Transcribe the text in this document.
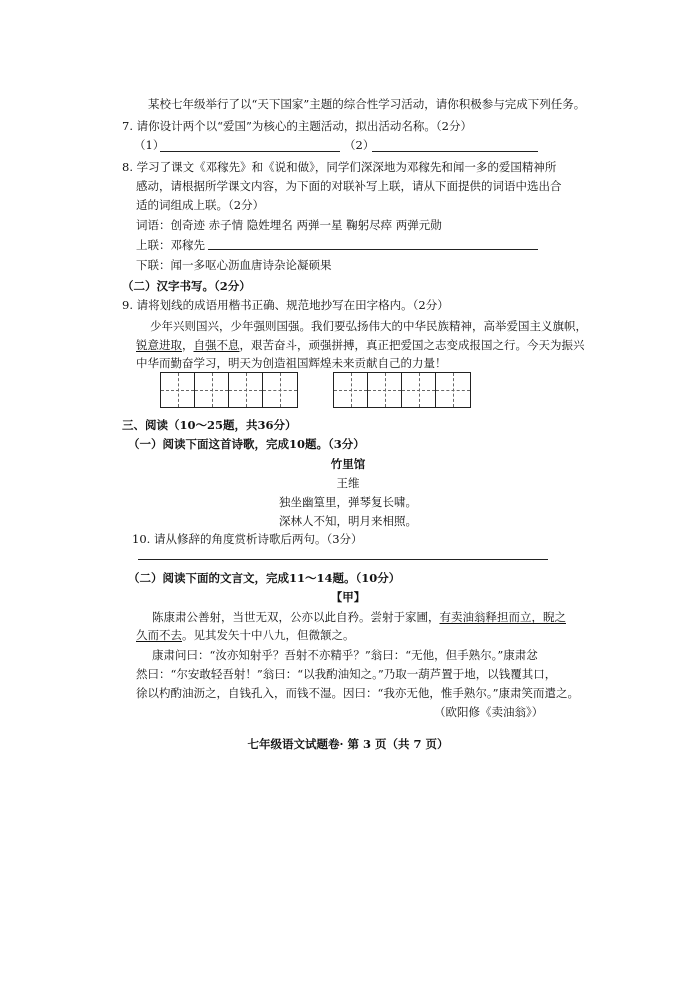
某校七年级举行了以“天下国家”主题的综合性学习活动，请你积极参与完成下列任务。
7. 请你设计两个以“爱国”为核心的主题活动，拟出活动名称。（2分）
（1）	（2）
8. 学习了课文《邓稼先》和《说和做》，同学们深深地为邓稼先和闻一多的爱国精神所
感动，请根据所学课文内容，为下面的对联补写上联，请从下面提供的词语中选出合
适的词组成上联。（2分）
词语：创奇迹 赤子情 隐姓埋名 两弹一星 鞠躬尽瘁 两弹元勋
上联：邓稼先
下联：闻一多呕心沥血唐诗杂论凝硕果
（二）汉字书写。（2分）
9. 请将划线的成语用楷书正确、规范地抄写在田字格内。（2分）
少年兴则国兴，少年强则国强。我们要弘扬伟大的中华民族精神，高举爱国主义旗帜，
锐意进取，自强不息，艰苦奋斗，顽强拼搏，真正把爱国之志变成报国之行。今天为振兴
中华而勤奋学习，明天为创造祖国辉煌未来贡献自己的力量！
三、阅读（10～25题，共36分）
（一）阅读下面这首诗歌，完成10题。（3分）
竹里馆
王维
独坐幽篁里，弹琴复长啸。
深林人不知，明月来相照。
10. 请从修辞的角度赏析诗歌后两句。（3分）
（二）阅读下面的文言文，完成11～14题。（10分）
【甲】
陈康肃公善射，当世无双，公亦以此自矜。尝射于家圃，有卖油翁释担而立，睨之
久而不去。见其发矢十中八九，但微颔之。
康肃问曰：“汝亦知射乎？吾射不亦精乎？”翁曰：“无他，但手熟尔。”康肃忿
然曰：“尔安敢轻吾射！”翁曰：“以我酌油知之。”乃取一葫芦置于地，以钱覆其口，
徐以杓酌油沥之，自钱孔入，而钱不湿。因曰：“我亦无他，惟手熟尔。”康肃笑而遣之。
（欧阳修《卖油翁》）
七年级语文试题卷· 第 3 页（共 7 页）
